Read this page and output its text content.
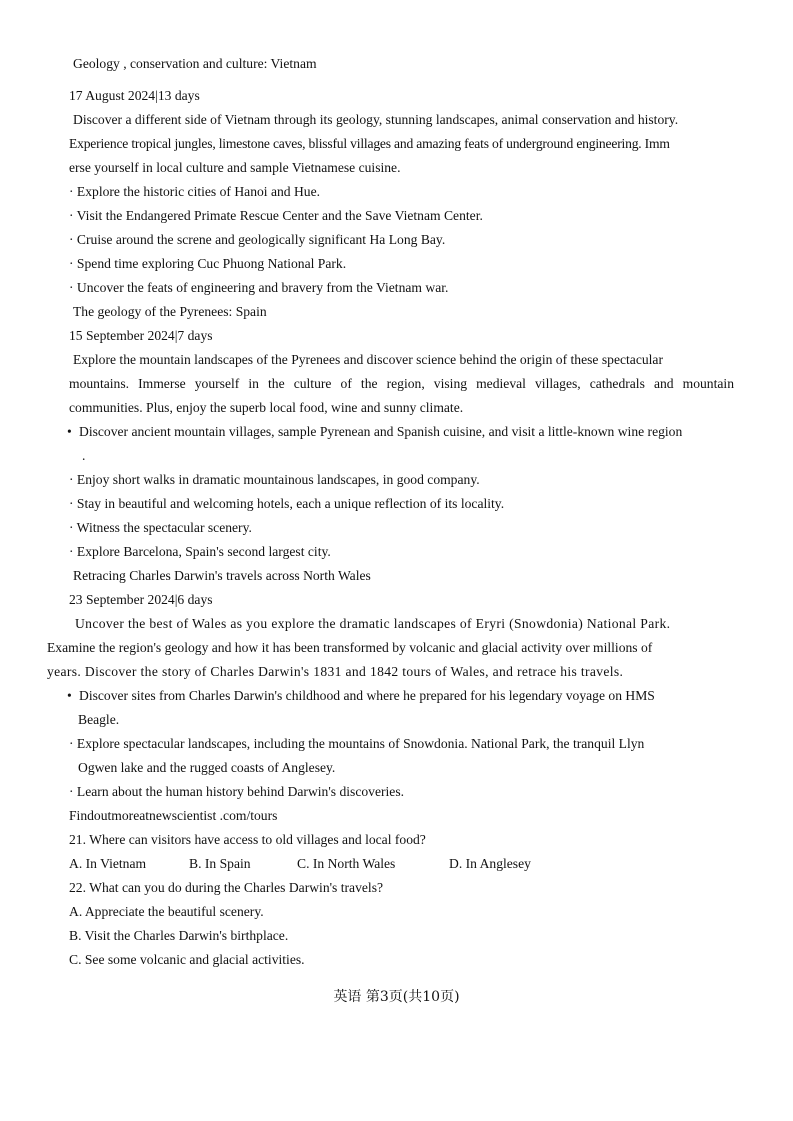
Geology , conservation and culture: Vietnam
17 August 2024|13 days
Discover a different side of Vietnam through its geology, stunning landscapes, animal conservation and history.
Experience tropical jungles, limestone caves, blissful villages and amazing feats of underground engineering. Imm
erse yourself in local culture and sample Vietnamese cuisine.
· Explore the historic cities of Hanoi and Hue.
· Visit the Endangered Primate Rescue Center and the Save Vietnam Center.
· Cruise around the screne and geologically significant Ha Long Bay.
· Spend time exploring Cuc Phuong National Park.
· Uncover the feats of engineering and bravery from the Vietnam war.
The geology of the Pyrenees: Spain
15 September 2024|7 days
Explore the mountain landscapes of the Pyrenees and discover science behind the origin of these spectacular
mountains. Immerse yourself in the culture of the region, vising medieval villages, cathedrals and mountain
communities. Plus, enjoy the superb local food, wine and sunny climate.
• Discover ancient mountain villages, sample Pyrenean and Spanish cuisine, and visit a little-known wine region
.
· Enjoy short walks in dramatic mountainous landscapes, in good company.
· Stay in beautiful and welcoming hotels, each a unique reflection of its locality.
· Witness the spectacular scenery.
· Explore Barcelona, Spain's second largest city.
Retracing Charles Darwin's travels across North Wales
23 September 2024|6 days
Uncover the best of Wales as you explore the dramatic landscapes of Eryri (Snowdonia) National Park.
Examine the region's geology and how it has been transformed by volcanic and glacial activity over millions of
years. Discover the story of Charles Darwin's 1831 and 1842 tours of Wales, and retrace his travels.
• Discover sites from Charles Darwin's childhood and where he prepared for his legendary voyage on HMS
Beagle.
· Explore spectacular landscapes, including the mountains of Snowdonia. National Park, the tranquil Llyn
Ogwen lake and the rugged coasts of Anglesey.
· Learn about the human history behind Darwin's discoveries.
Findoutmoreatnewscientist .com/tours
21. Where can visitors have access to old villages and local food?
A. In Vietnam	B. In Spain	C. In North Wales	D. In Anglesey
22. What can you do during the Charles Darwin's travels?
A. Appreciate the beautiful scenery.
B. Visit the Charles Darwin's birthplace.
C. See some volcanic and glacial activities.
英语 第3页(共10页)
